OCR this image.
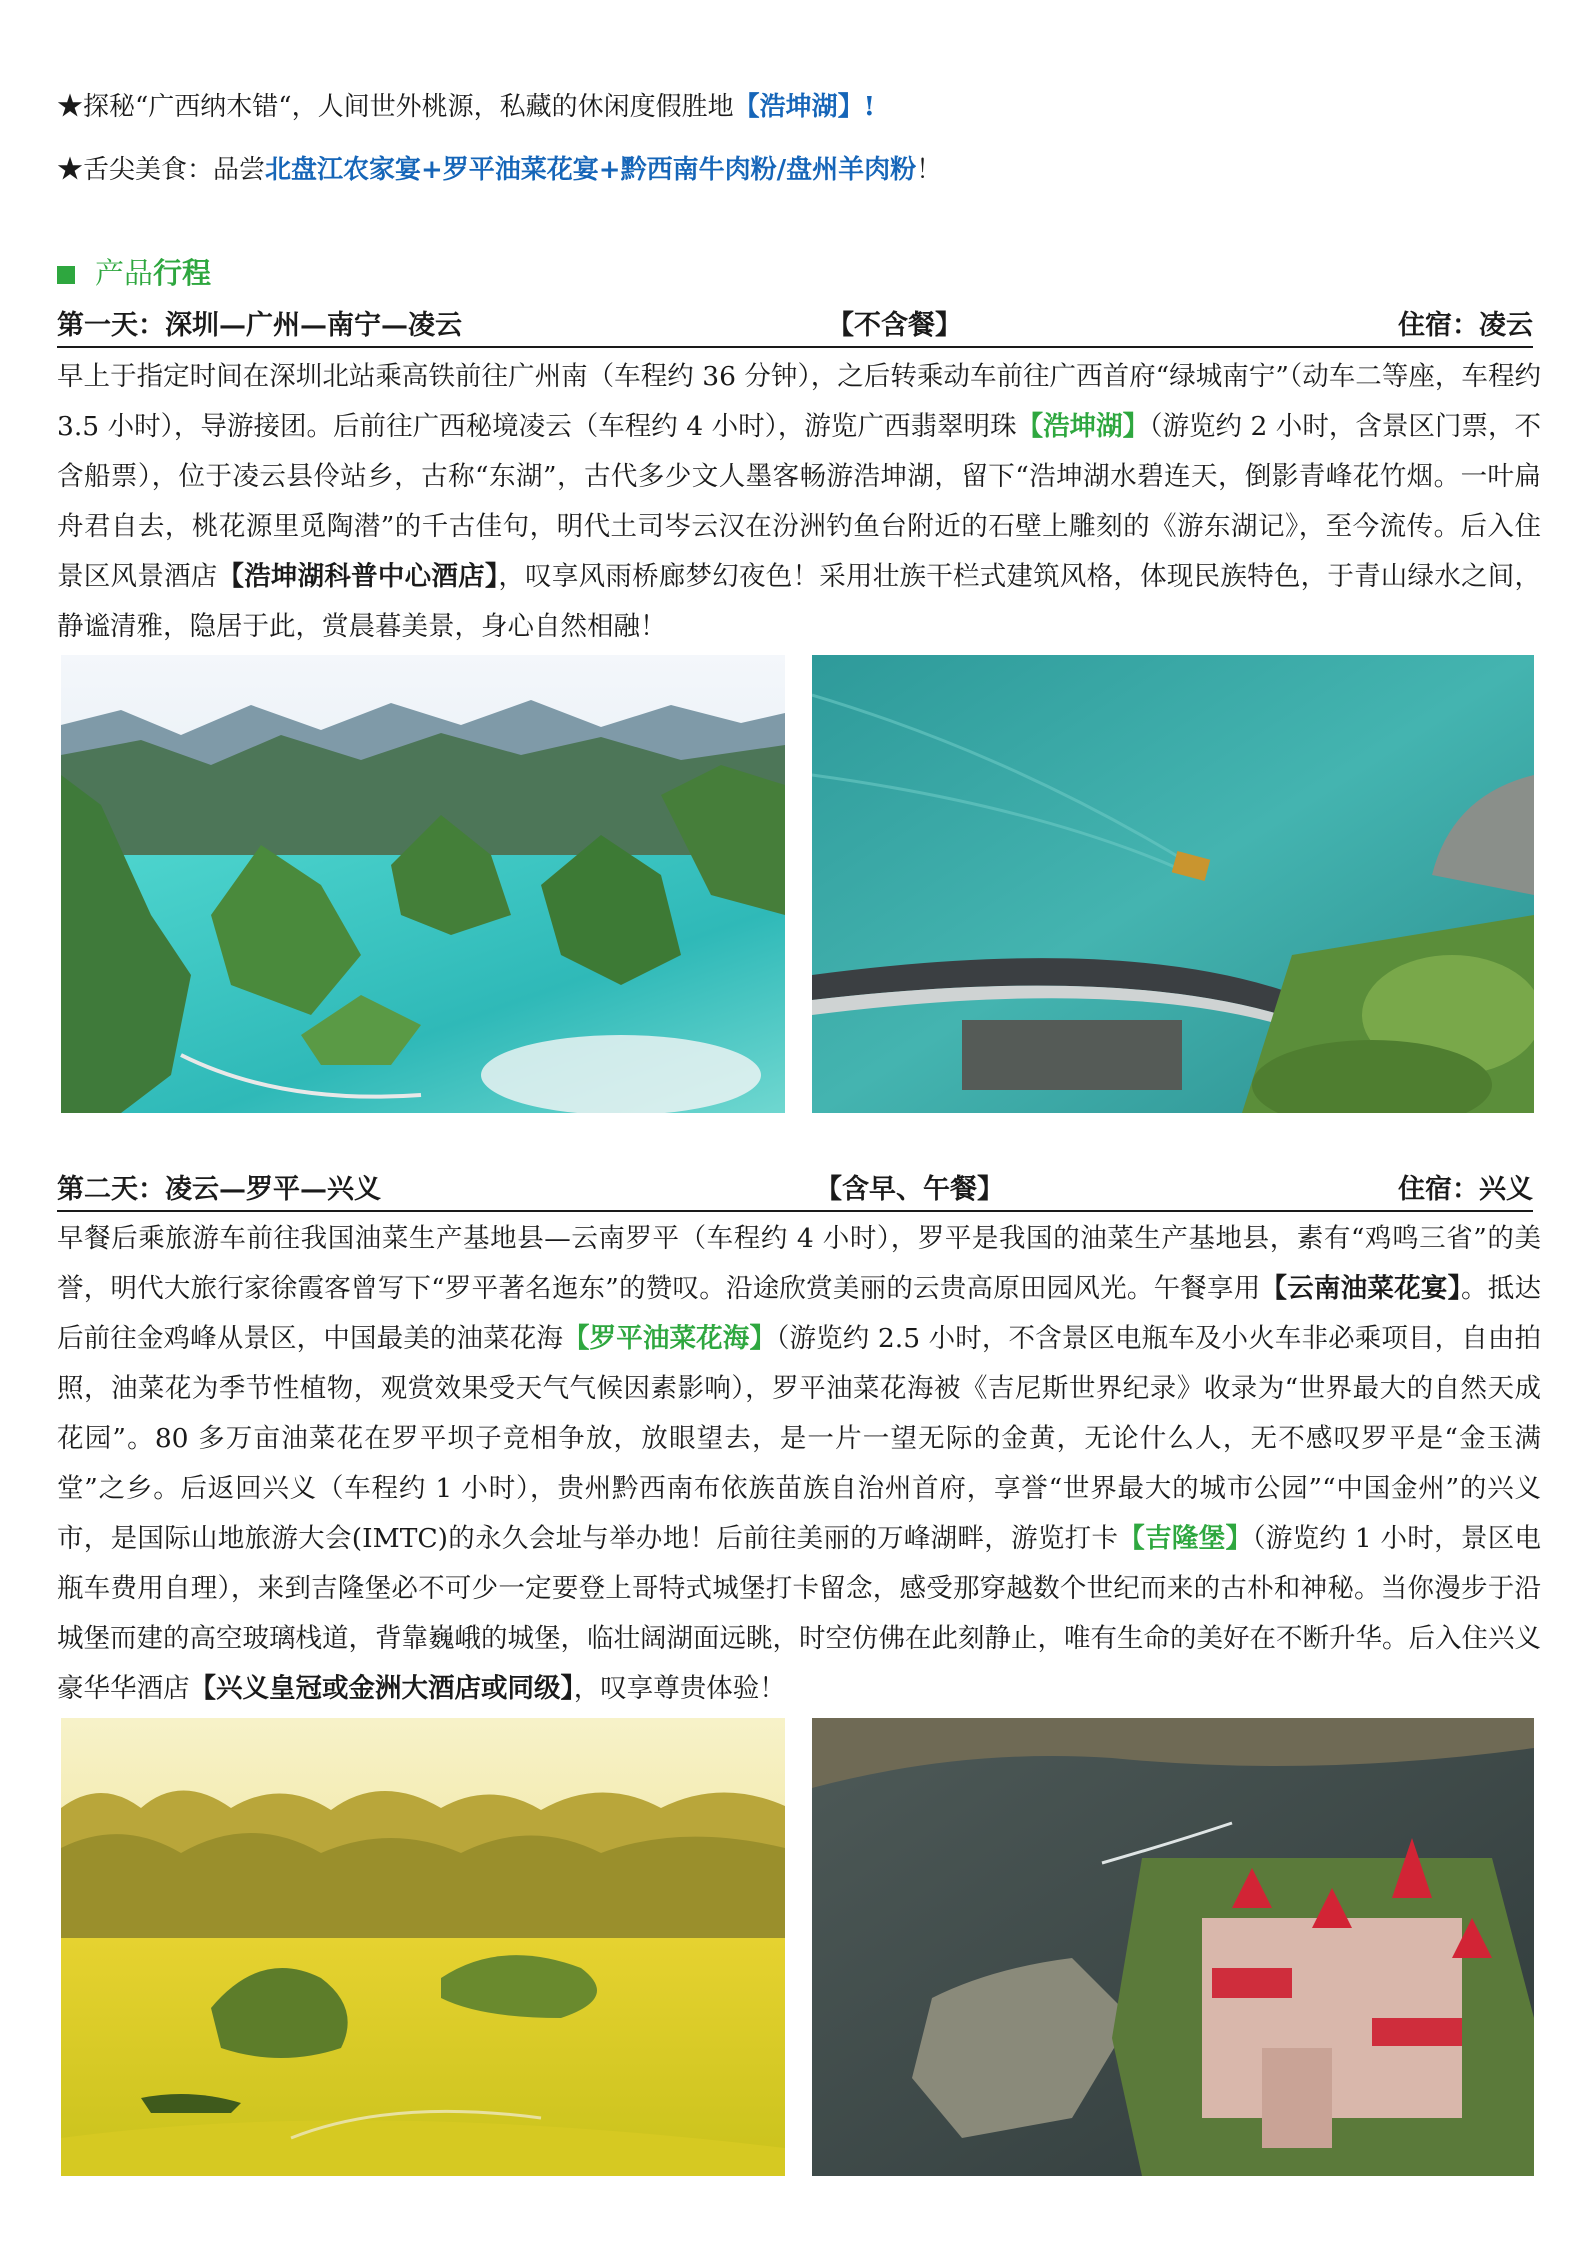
★探秘“广西纳木错“，人间世外桃源，私藏的休闲度假胜地【浩坤湖】!
★舌尖美食：品尝北盘江农家宴+罗平油菜花宴+黔西南牛肉粉/盘州羊肉粉！
产品行程
第一天：深圳—广州—南宁—凌云	【不含餐】	住宿：凌云
早上于指定时间在深圳北站乘高铁前往广州南（车程约 36 分钟），之后转乘动车前往广西首府“绿城南宁”（动车二等座，车程约 3.5 小时），导游接团。后前往广西秘境凌云（车程约 4 小时），游览广西翡翠明珠【浩坤湖】（游览约 2 小时，含景区门票，不含船票），位于凌云县伶站乡，古称“东湖”，古代多少文人墨客畅游浩坤湖，留下“浩坤湖水碧连天，倒影青峰花竹烟。一叶扁舟君自去，桃花源里觅陶潜”的千古佳句，明代土司岑云汉在汾洲钓鱼台附近的石壁上雕刻的《游东湖记》，至今流传。后入住景区风景酒店【浩坤湖科普中心酒店】，叹享风雨桥廊梦幻夜色！采用壮族干栏式建筑风格，体现民族特色，于青山绿水之间，静谧清雅，隐居于此，赏晨暮美景，身心自然相融！
第二天：凌云—罗平—兴义	【含早、午餐】	住宿：兴义
早餐后乘旅游车前往我国油菜生产基地县—云南罗平（车程约 4 小时），罗平是我国的油菜生产基地县，素有“鸡鸣三省”的美誉，明代大旅行家徐霞客曾写下“罗平著名迤东”的赞叹。沿途欣赏美丽的云贵高原田园风光。午餐享用【云南油菜花宴】。抵达后前往金鸡峰从景区，中国最美的油菜花海【罗平油菜花海】（游览约 2.5 小时，不含景区电瓶车及小火车非必乘项目，自由拍照，油菜花为季节性植物，观赏效果受天气气候因素影响），罗平油菜花海被《吉尼斯世界纪录》收录为“世界最大的自然天成花园”。80 多万亩油菜花在罗平坝子竞相争放，放眼望去，是一片一望无际的金黄，无论什么人，无不感叹罗平是“金玉满堂”之乡。后返回兴义（车程约 1 小时），贵州黔西南布依族苗族自治州首府，享誉“世界最大的城市公园”“中国金州”的兴义市，是国际山地旅游大会(IMTC)的永久会址与举办地！后前往美丽的万峰湖畔，游览打卡【吉隆堡】（游览约 1 小时，景区电瓶车费用自理），来到吉隆堡必不可少一定要登上哥特式城堡打卡留念，感受那穿越数个世纪而来的古朴和神秘。当你漫步于沿城堡而建的高空玻璃栈道，背靠巍峨的城堡，临壮阔湖面远眺，时空仿佛在此刻静止，唯有生命的美好在不断升华。后入住兴义豪华华酒店【兴义皇冠或金洲大酒店或同级】，叹享尊贵体验！
